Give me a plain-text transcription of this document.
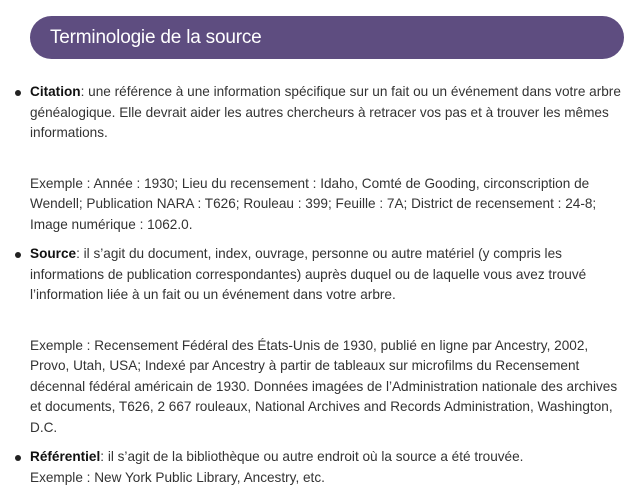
Terminologie de la source
Citation: une référence à une information spécifique sur un fait ou un événement dans votre arbre généalogique. Elle devrait aider les autres chercheurs à retracer vos pas et à trouver les mêmes informations.
Exemple : Année : 1930; Lieu du recensement : Idaho, Comté de Gooding, circonscription de Wendell; Publication NARA : T626; Rouleau : 399; Feuille : 7A; District de recensement : 24-8; Image numérique : 1062.0.
Source: il s’agit du document, index, ouvrage, personne ou autre matériel (y compris les informations de publication correspondantes) auprès duquel ou de laquelle vous avez trouvé l’information liée à un fait ou un événement dans votre arbre.
Exemple : Recensement Fédéral des États-Unis de 1930, publié en ligne par Ancestry, 2002, Provo, Utah, USA; Indexé par Ancestry à partir de tableaux sur microfilms du Recensement décennal fédéral américain de 1930. Données imagées de l’Administration nationale des archives et documents, T626, 2 667 rouleaux, National Archives and Records Administration, Washington, D.C.
Référentiel: il s’agit de la bibliothèque ou autre endroit où la source a été trouvée.
Exemple : New York Public Library, Ancestry, etc.
